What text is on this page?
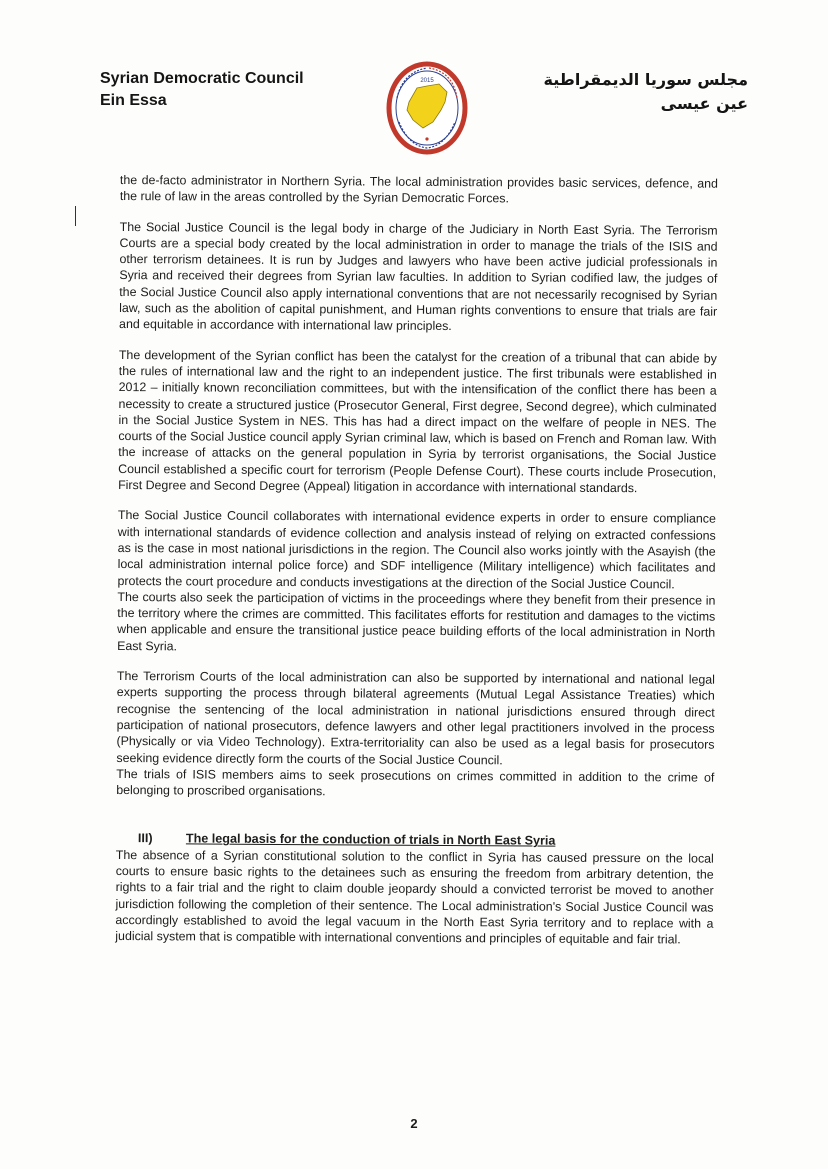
Syrian Democratic Council
Ein Essa
2015	مجلس سوريا الديمقراطية
عين عيسى

the de-facto administrator in Northern Syria. The local administration provides basic services, defence, and the rule of law in the areas controlled by the Syrian Democratic Forces.

The Social Justice Council is the legal body in charge of the Judiciary in North East Syria. The Terrorism Courts are a special body created by the local administration in order to manage the trials of the ISIS and other terrorism detainees. It is run by Judges and lawyers who have been active judicial professionals in Syria and received their degrees from Syrian law faculties. In addition to Syrian codified law, the judges of the Social Justice Council also apply international conventions that are not necessarily recognised by Syrian law, such as the abolition of capital punishment, and Human rights conventions to ensure that trials are fair and equitable in accordance with international law principles.

The development of the Syrian conflict has been the catalyst for the creation of a tribunal that can abide by the rules of international law and the right to an independent justice. The first tribunals were established in 2012 – initially known reconciliation committees, but with the intensification of the conflict there has been a necessity to create a structured justice (Prosecutor General, First degree, Second degree), which culminated in the Social Justice System in NES. This has had a direct impact on the welfare of people in NES. The courts of the Social Justice council apply Syrian criminal law, which is based on French and Roman law. With the increase of attacks on the general population in Syria by terrorist organisations, the Social Justice Council established a specific court for terrorism (People Defense Court). These courts include Prosecution, First Degree and Second Degree (Appeal) litigation in accordance with international standards.

The Social Justice Council collaborates with international evidence experts in order to ensure compliance with international standards of evidence collection and analysis instead of relying on extracted confessions as is the case in most national jurisdictions in the region. The Council also works jointly with the Asayish (the local administration internal police force) and SDF intelligence (Military intelligence) which facilitates and protects the court procedure and conducts investigations at the direction of the Social Justice Council.

The courts also seek the participation of victims in the proceedings where they benefit from their presence in the territory where the crimes are committed. This facilitates efforts for restitution and damages to the victims when applicable and ensure the transitional justice peace building efforts of the local administration in North East Syria.

The Terrorism Courts of the local administration can also be supported by international and national legal experts supporting the process through bilateral agreements (Mutual Legal Assistance Treaties) which recognise the sentencing of the local administration in national jurisdictions ensured through direct participation of national prosecutors, defence lawyers and other legal practitioners involved in the process (Physically or via Video Technology). Extra-territoriality can also be used as a legal basis for prosecutors seeking evidence directly form the courts of the Social Justice Council.

The trials of ISIS members aims to seek prosecutions on crimes committed in addition to the crime of belonging to proscribed organisations.

III)	The legal basis for the conduction of trials in North East Syria

The absence of a Syrian constitutional solution to the conflict in Syria has caused pressure on the local courts to ensure basic rights to the detainees such as ensuring the freedom from arbitrary detention, the rights to a fair trial and the right to claim double jeopardy should a convicted terrorist be moved to another jurisdiction following the completion of their sentence. The Local administration's Social Justice Council was accordingly established to avoid the legal vacuum in the North East Syria territory and to replace with a judicial system that is compatible with international conventions and principles of equitable and fair trial.

2
